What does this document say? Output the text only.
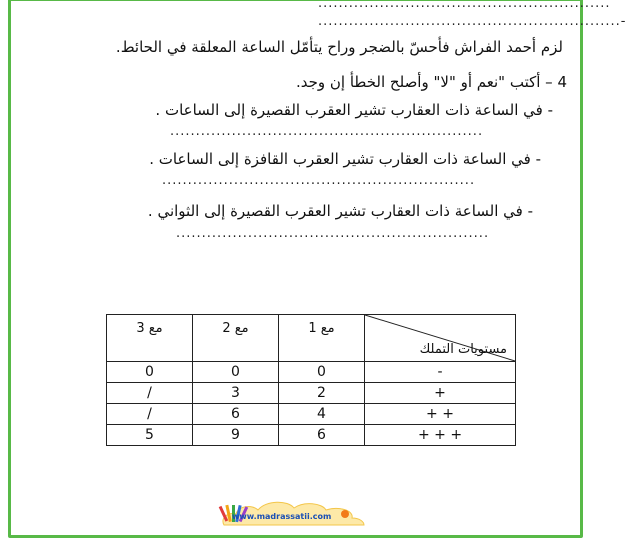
.........................................................
...........................................................-
لزم أحمد الفراش فأحسّ بالضجر وراح يتأمّل الساعة المعلقة في الحائط.
4 – أكتب "نعم أو "لا" وأصلح الخطأ إن وجد.
- في الساعة ذات العقارب تشير العقرب القصيرة إلى الساعات .
.............................................................
- في الساعة ذات العقارب تشير العقرب القافزة إلى الساعات .
.............................................................
- في الساعة ذات العقارب تشير العقرب القصيرة إلى الثواني .
.............................................................
مع 3	مع 2	مع 1	مستويات التملك

0	0	0	-
/	3	2	+
/	6	4	+ +
5	9	6	+ + +
www.madrassatii.com
